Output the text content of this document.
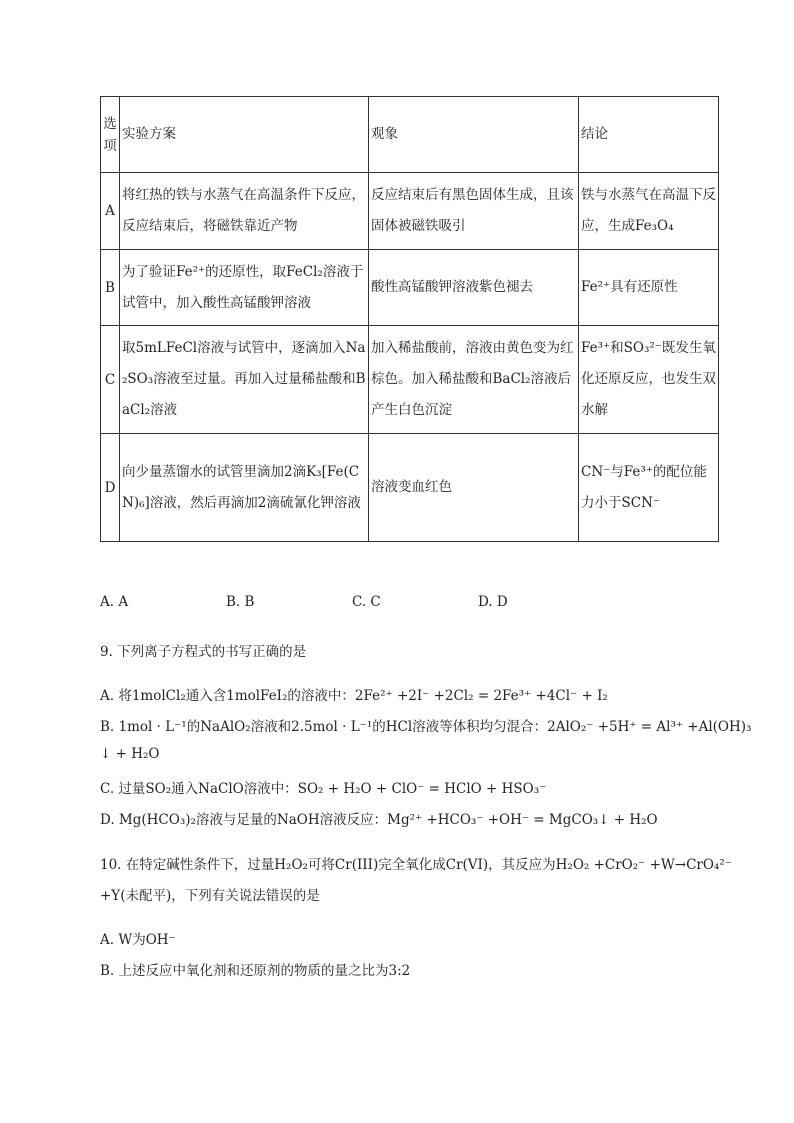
选项	实验方案	观象	结论
A	将红热的铁与水蒸气在高温条件下反应，反应结束后，将磁铁靠近产物	反应结束后有黑色固体生成，且该固体被磁铁吸引	铁与水蒸气在高温下反应，生成Fe₃O₄
B	为了验证Fe²⁺的还原性，取FeCl₂溶液于试管中，加入酸性高锰酸钾溶液	酸性高锰酸钾溶液紫色褪去	Fe²⁺具有还原性
C	取5mLFeCl溶液与试管中，逐滴加入Na₂SO₃溶液至过量。再加入过量稀盐酸和BaCl₂溶液	加入稀盐酸前，溶液由黄色变为红棕色。加入稀盐酸和BaCl₂溶液后产生白色沉淀	Fe³⁺和SO₃²⁻既发生氧化还原反应，也发生双水解
D	向少量蒸馏水的试管里滴加2滴K₃[Fe(CN)₆]溶液，然后再滴加2滴硫氰化钾溶液	溶液变血红色	CN⁻与Fe³⁺的配位能力小于SCN⁻
A. A	B. B	C. C	D. D
9. 下列离子方程式的书写正确的是
A. 将1molCl₂通入含1molFeI₂的溶液中：2Fe²⁺ +2I⁻ +2Cl₂ = 2Fe³⁺ +4Cl⁻ + I₂
B. 1mol · L⁻¹的NaAlO₂溶液和2.5mol · L⁻¹的HCl溶液等体积均匀混合：2AlO₂⁻ +5H⁺ = Al³⁺ +Al(OH)₃
↓ + H₂O
C. 过量SO₂通入NaClO溶液中：SO₂ + H₂O + ClO⁻ = HClO + HSO₃⁻
D. Mg(HCO₃)₂溶液与足量的NaOH溶液反应：Mg²⁺ +HCO₃⁻ +OH⁻ = MgCO₃↓ + H₂O
10. 在特定碱性条件下，过量H₂O₂可将Cr(III)完全氧化成Cr(VI)，其反应为H₂O₂ +CrO₂⁻ +W→CrO₄²⁻
+Y(未配平)，下列有关说法错误的是
A. W为OH⁻
B. 上述反应中氧化剂和还原剂的物质的量之比为3:2
